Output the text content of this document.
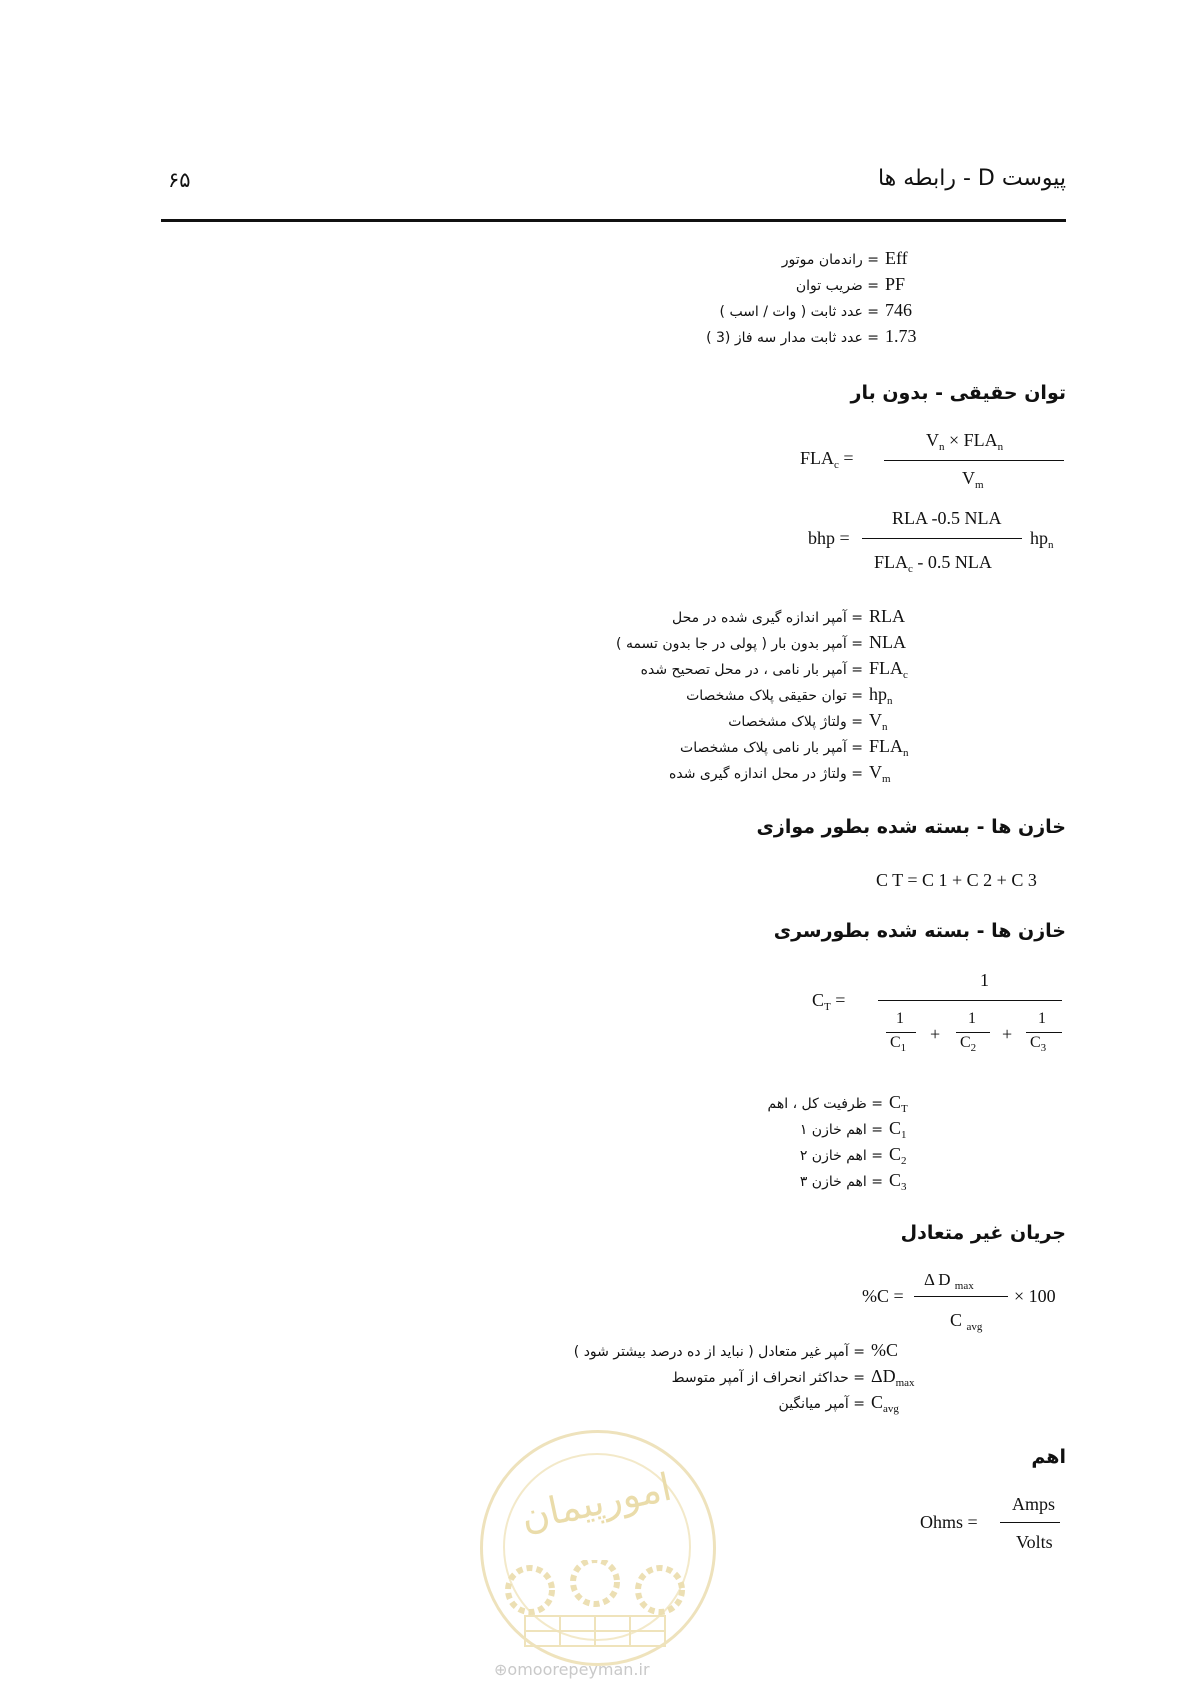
۶۵	پیوست D - رابطه ها
= راندمان موتور Eff
= ضریب توان PF
= عدد ثابت ( وات / اسب ) 746
= عدد ثابت مدار سه فاز (3 ) 1.73
توان حقیقی - بدون بار
$FLA_c$ =
$V_n \times FLA_n$
$V_m$
bhp =
RLA -0.5 NLA
$FLA_c - 0.5$ NLA
$hp_n$
= آمپر اندازه گیری شده در محل RLA
= آمپر بدون بار ( پولی در جا بدون تسمه ) NLA
= آمپر بار نامی ، در محل تصحیح شده $FLA_c$
= توان حقیقی پلاک مشخصات $hp_n$
= ولتاژ پلاک مشخصات $V_n$
= آمپر بار نامی پلاک مشخصات $FLA_n$
= ولتاژ در محل اندازه گیری شده $V_m$
خازن ها - بسته شده بطور موازی
C T = C 1 + C 2 + C 3
خازن ها - بسته شده بطورسری
$C_T$ =
1
1
$C_1$
+
1
$C_2$
+
1
$C_3$
= ظرفیت کل ، اهم $C_T$
= اهم خازن ۱ $C_1$
= اهم خازن ۲ $C_2$
= اهم خازن ۳ $C_3$
جریان غیر متعادل
%C =
Δ D $_{max}$
C $_{avg}$
× 100
= آمپر غیر متعادل ( نباید از ده درصد بیشتر شود ) %C
= حداکثر انحراف از آمپر متوسط $\Delta D_{max}$
= آمپر میانگین $C_{avg}$
اهم
Ohms =
Amps
Volts
امورپیمان
⊕omoorepeyman.ir
